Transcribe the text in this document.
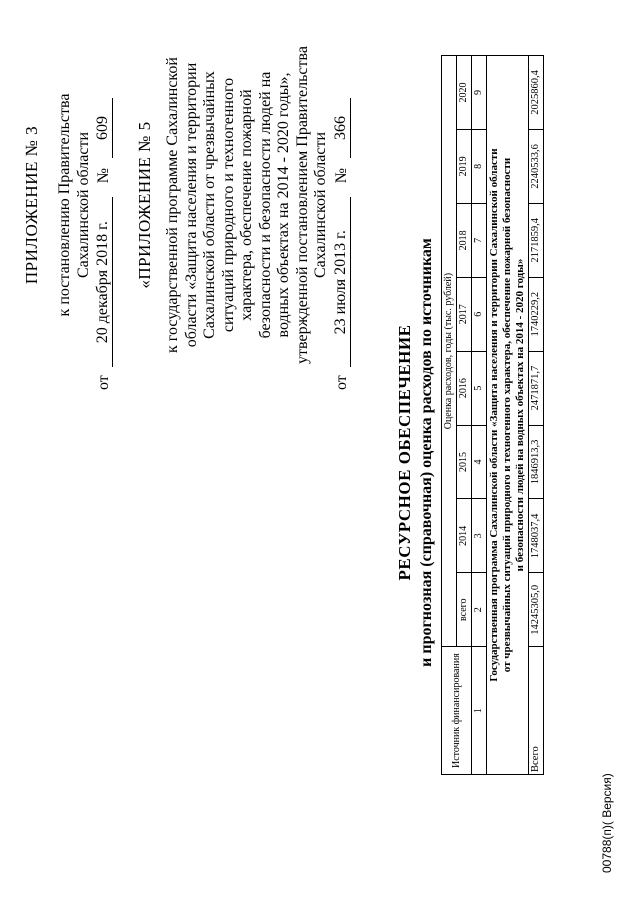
ПРИЛОЖЕНИЕ № 3 к постановлению Правительства Сахалинской области
от
20 декабря 2018 г.
№
609 «ПРИЛОЖЕНИЕ № 5 к государственной программе Сахалинской области «Защита населения и территории Сахалинской области от чрезвычайных ситуаций природного и техногенного характера, обеспечение пожарной безопасности и безопасности людей на водных объектах на 2014 - 2020 годы», утвержденной постановлением Правительства Сахалинской области
от
23 июля 2013 г.
№
366
РЕСУРСНОЕ ОБЕСПЕЧЕНИЕ и прогнозная (справочная) оценка расходов по источникам
Источник финансирования	Оценка расходов, годы (тыс. рублей)							
	всего	2014	2015	2016	2017	2018	2019	2020
1	2	3	4	5	6	7	8	9

Государственная программа Сахалинской области «Защита населения и территории Сахалинской области от чрезвычайных ситуаций природного и техногенного характера, обеспечение пожарной безопасности и безопасности людей на водных объектах на 2014 - 2020 годы»								

Всего	14245305,0	1748037,4	1846913,3	2471871,7	1740229,2	2171859,4	2240533,6	2025860,4
00788(п)( Версия)
